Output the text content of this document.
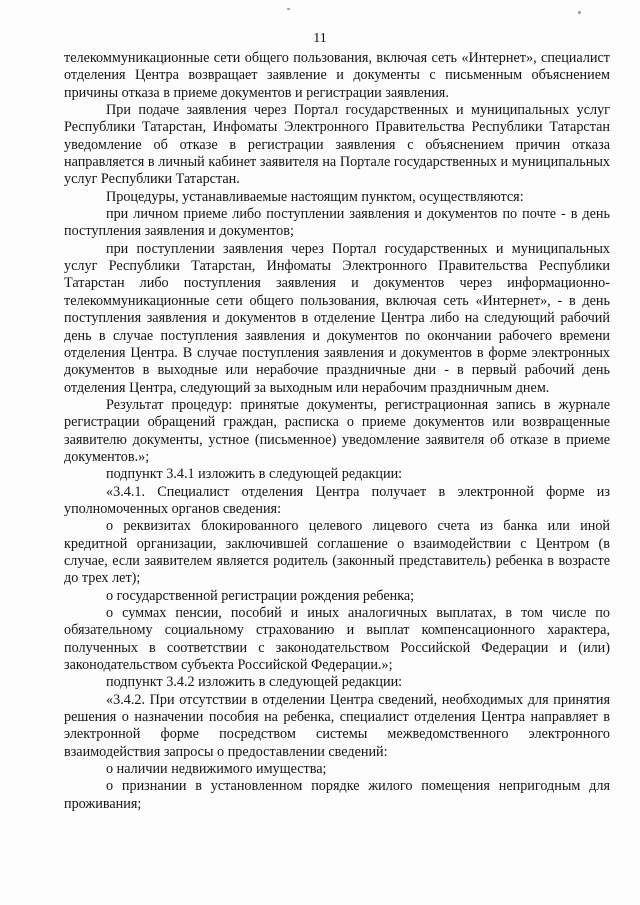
11

телекоммуникационные сети общего пользования, включая сеть «Интернет», специалист отделения Центра возвращает заявление и документы с письменным объяснением причины отказа в приеме документов и регистрации заявления.

При подаче заявления через Портал государственных и муниципальных услуг Республики Татарстан, Инфоматы Электронного Правительства Республики Татарстан уведомление об отказе в регистрации заявления с объяснением причин отказа направляется в личный кабинет заявителя на Портале государственных и муниципальных услуг Республики Татарстан.

Процедуры, устанавливаемые настоящим пунктом, осуществляются:

при личном приеме либо поступлении заявления и документов по почте - в день поступления заявления и документов;

при поступлении заявления через Портал государственных и муниципальных услуг Республики Татарстан, Инфоматы Электронного Правительства Республики Татарстан либо поступления заявления и документов через информационно-телекоммуникационные сети общего пользования, включая сеть «Интернет», - в день поступления заявления и документов в отделение Центра либо на следующий рабочий день в случае поступления заявления и документов по окончании рабочего времени отделения Центра. В случае поступления заявления и документов в форме электронных документов в выходные или нерабочие праздничные дни - в первый рабочий день отделения Центра, следующий за выходным или нерабочим праздничным днем.

Результат процедур: принятые документы, регистрационная запись в журнале регистрации обращений граждан, расписка о приеме документов или возвращенные заявителю документы, устное (письменное) уведомление заявителя об отказе в приеме документов.»;

подпункт 3.4.1 изложить в следующей редакции:

«3.4.1. Специалист отделения Центра получает в электронной форме из уполномоченных органов сведения:

о реквизитах блокированного целевого лицевого счета из банка или иной кредитной организации, заключившей соглашение о взаимодействии с Центром (в случае, если заявителем является родитель (законный представитель) ребенка в возрасте до трех лет);

о государственной регистрации рождения ребенка;

о суммах пенсии, пособий и иных аналогичных выплатах, в том числе по обязательному социальному страхованию и выплат компенсационного характера, полученных в соответствии с законодательством Российской Федерации и (или) законодательством субъекта Российской Федерации.»;

подпункт 3.4.2 изложить в следующей редакции:

«3.4.2. При отсутствии в отделении Центра сведений, необходимых для принятия решения о назначении пособия на ребенка, специалист отделения Центра направляет в электронной форме посредством системы межведомственного электронного взаимодействия запросы о предоставлении сведений:

о наличии недвижимого имущества;

о признании в установленном порядке жилого помещения непригодным для проживания;
